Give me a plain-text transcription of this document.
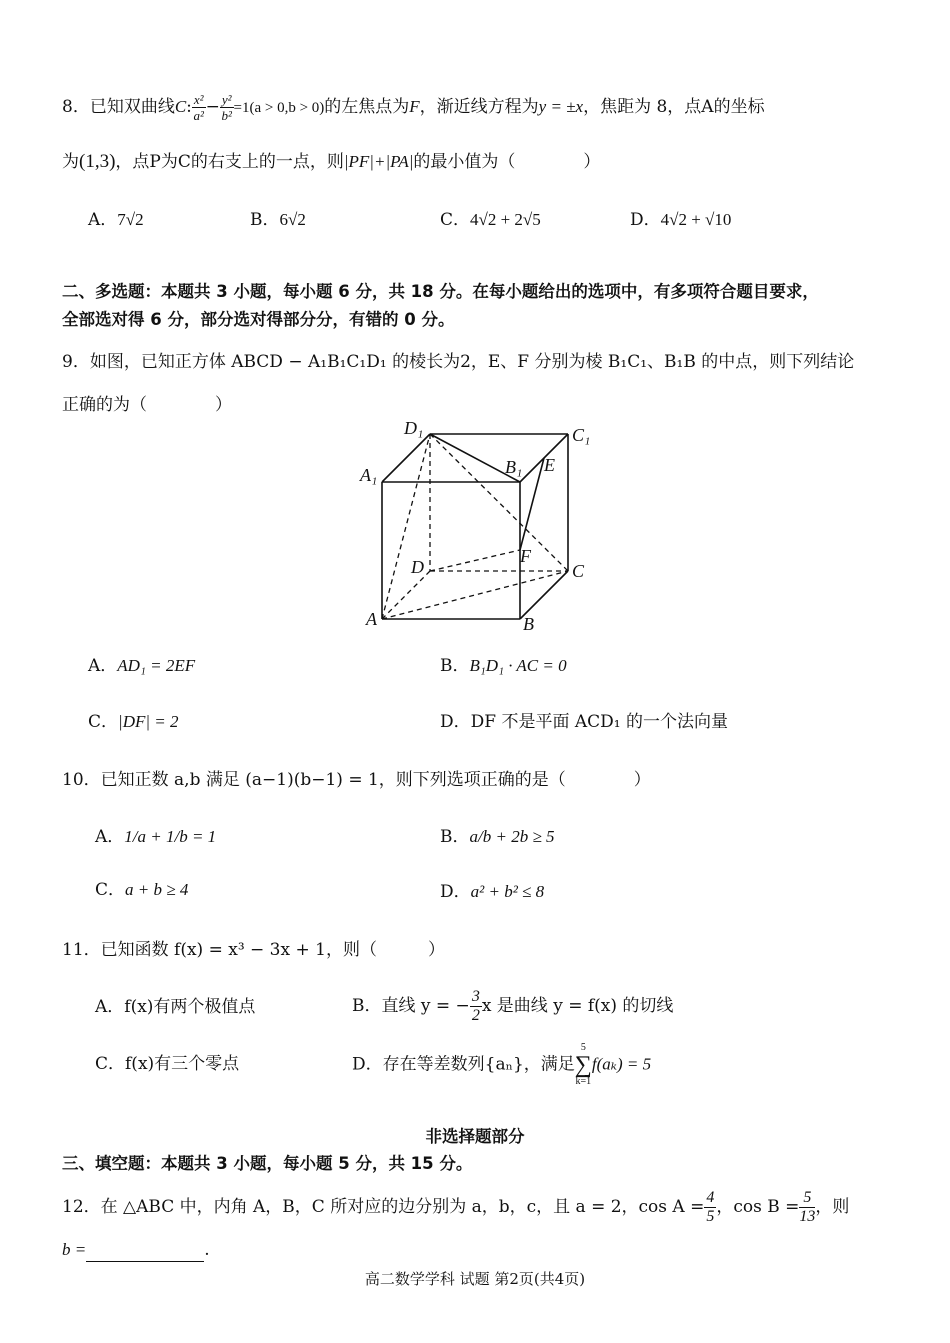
8．已知双曲线C: $\frac{\text{x²}}{\text{a²}} - \frac{\text{y²}}{\text{b²}} =1(a > 0,b > 0)$的左焦点为F，渐近线方程为y = ±x，焦距为 8，点A的坐标
为(1,3)，点P为C的右支上的一点，则|PF|+|PA|的最小值为（　　　　）
A．7√2	B．6√2	C．4√2 + 2√5	D．4√2 + √10
二、多选题：本题共 3 小题，每小题 6 分，共 18 分。在每小题给出的选项中，有多项符合题目要求，
全部选对得 6 分，部分选对得部分分，有错的 0 分。
9．如图，已知正方体 ABCD − A₁B₁C₁D₁ 的棱长为2，E、F 分别为棱 B₁C₁、B₁B 的中点，则下列结论
正确的为（　　　　）
D₁	C₁
A₁	B₁ E
F
D	C
A	B
A．AD₁ = 2EF	B．B₁D₁ · AC = 0
C．|DF| = 2	D．DF 不是平面 ACD₁ 的一个法向量
10．已知正数 a,b 满足 (a−1)(b−1) = 1，则下列选项正确的是（　　　　）
A．1/a + 1/b = 1	B．a/b + 2b ≥ 5
C．a + b ≥ 4	D．a² + b² ≤ 8
11．已知函数 f(x) = x³ − 3x + 1，则（　　　）
A．f(x)有两个极值点	B．直线 y = − $\frac{3}{2}$ x 是曲线 y = f(x) 的切线
C．f(x)有三个零点	D．存在等差数列{aₙ}，满足
5
∑
k=1
f(aₖ) = 5
非选择题部分
三、填空题：本题共 3 小题，每小题 5 分，共 15 分。
12．在 △ABC 中，内角 A，B，C 所对应的边分别为 a，b，c，且 a = 2，$\cos A = \frac{4}{5}$ ，$\cos B = \frac{5}{13}$ ，则
b =	.
高二数学学科 试题 第2页(共4页)
